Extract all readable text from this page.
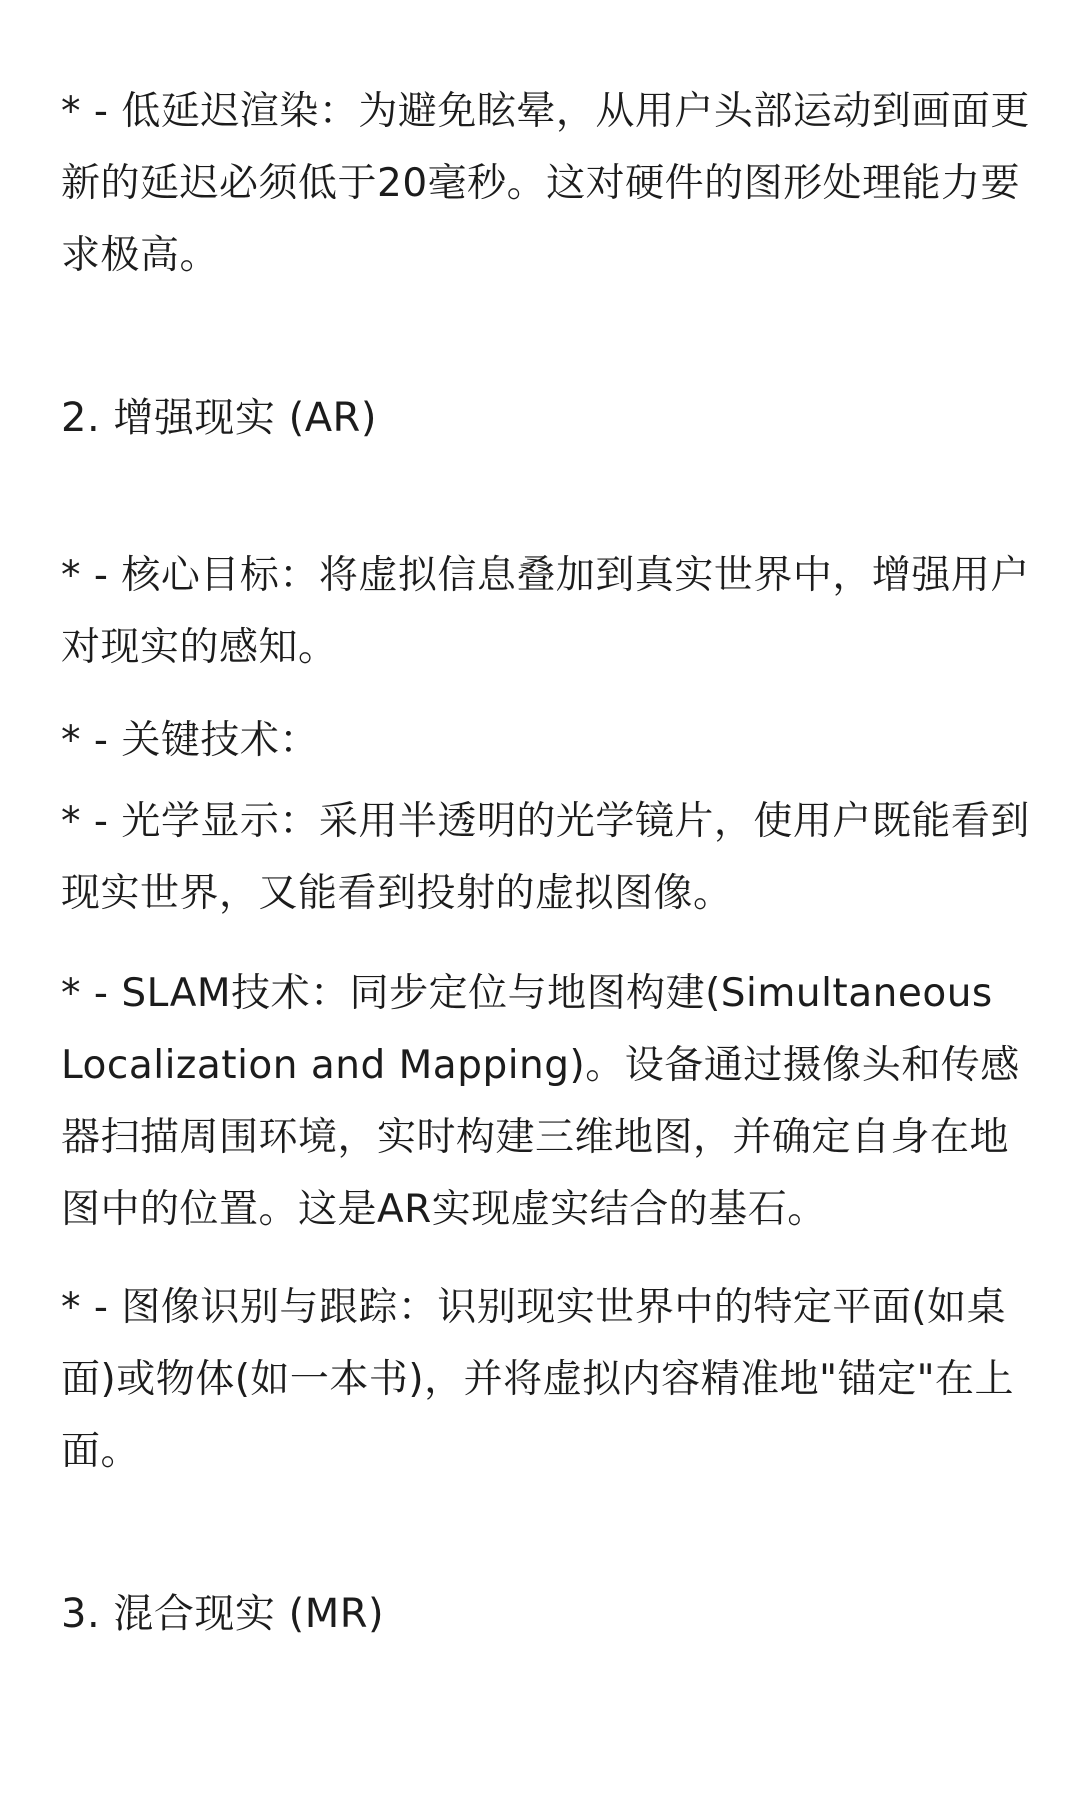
* - 低延迟渲染：为避免眩晕，从用户头部运动到画面更新的延迟必须低于20毫秒。这对硬件的图形处理能力要求极高。

2. 增强现实 (AR)

* - 核心目标：将虚拟信息叠加到真实世界中，增强用户对现实的感知。

* - 关键技术：

* - 光学显示：采用半透明的光学镜片，使用户既能看到现实世界，又能看到投射的虚拟图像。

* - SLAM技术：同步定位与地图构建(Simultaneous Localization and Mapping)。设备通过摄像头和传感器扫描周围环境，实时构建三维地图，并确定自身在地图中的位置。这是AR实现虚实结合的基石。

* - 图像识别与跟踪：识别现实世界中的特定平面(如桌面)或物体(如一本书)，并将虚拟内容精准地"锚定"在上面。

3. 混合现实 (MR)
